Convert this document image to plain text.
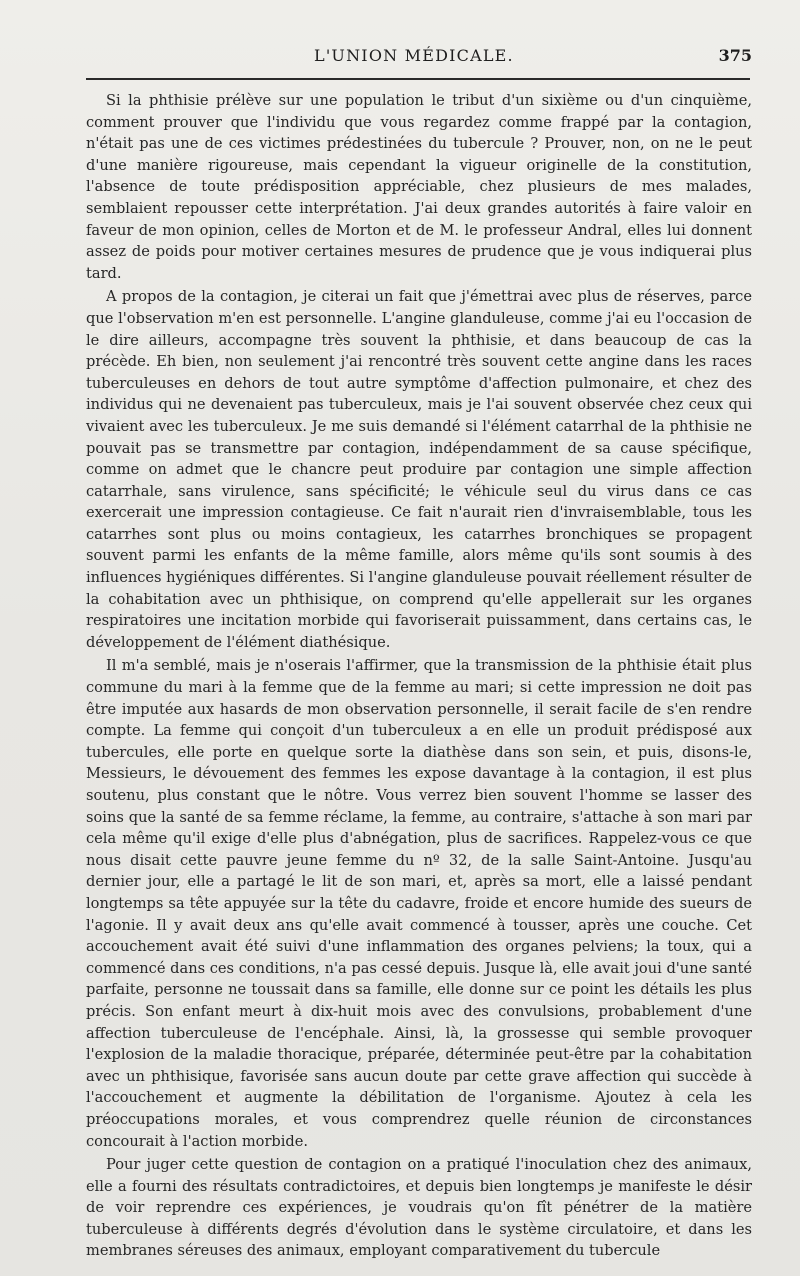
L'UNION MÉDICALE.	375

Si la phthisie prélève sur une population le tribut d'un sixième ou d'un cinquième, comment prouver que l'individu que vous regardez comme frappé par la contagion, n'était pas une de ces victimes prédestinées du tubercule ? Prouver, non, on ne le peut d'une manière rigoureuse, mais cependant la vigueur originelle de la constitution, l'absence de toute prédisposition appréciable, chez plusieurs de mes malades, semblaient repousser cette interprétation. J'ai deux grandes autorités à faire valoir en faveur de mon opinion, celles de Morton et de M. le professeur Andral, elles lui donnent assez de poids pour motiver certaines mesures de prudence que je vous indiquerai plus tard.

A propos de la contagion, je citerai un fait que j'émettrai avec plus de réserves, parce que l'observation m'en est personnelle. L'angine glanduleuse, comme j'ai eu l'occasion de le dire ailleurs, accompagne très souvent la phthisie, et dans beaucoup de cas la précède. Eh bien, non seulement j'ai rencontré très souvent cette angine dans les races tuberculeuses en dehors de tout autre symptôme d'affection pulmonaire, et chez des individus qui ne devenaient pas tuberculeux, mais je l'ai souvent observée chez ceux qui vivaient avec les tuberculeux. Je me suis demandé si l'élément catarrhal de la phthisie ne pouvait pas se transmettre par contagion, indépendamment de sa cause spécifique, comme on admet que le chancre peut produire par contagion une simple affection catarrhale, sans virulence, sans spécificité; le véhicule seul du virus dans ce cas exercerait une impression contagieuse. Ce fait n'aurait rien d'invraisemblable, tous les catarrhes sont plus ou moins contagieux, les catarrhes bronchiques se propagent souvent parmi les enfants de la même famille, alors même qu'ils sont soumis à des influences hygiéniques différentes. Si l'angine glanduleuse pouvait réellement résulter de la cohabitation avec un phthisique, on comprend qu'elle appellerait sur les organes respiratoires une incitation morbide qui favoriserait puissamment, dans certains cas, le développement de l'élément diathésique.

Il m'a semblé, mais je n'oserais l'affirmer, que la transmission de la phthisie était plus commune du mari à la femme que de la femme au mari; si cette impression ne doit pas être imputée aux hasards de mon observation personnelle, il serait facile de s'en rendre compte. La femme qui conçoit d'un tuberculeux a en elle un produit prédisposé aux tubercules, elle porte en quelque sorte la diathèse dans son sein, et puis, disons-le, Messieurs, le dévouement des femmes les expose davantage à la contagion, il est plus soutenu, plus constant que le nôtre. Vous verrez bien souvent l'homme se lasser des soins que la santé de sa femme réclame, la femme, au contraire, s'attache à son mari par cela même qu'il exige d'elle plus d'abnégation, plus de sacrifices. Rappelez-vous ce que nous disait cette pauvre jeune femme du nº 32, de la salle Saint-Antoine. Jusqu'au dernier jour, elle a partagé le lit de son mari, et, après sa mort, elle a laissé pendant longtemps sa tête appuyée sur la tête du cadavre, froide et encore humide des sueurs de l'agonie. Il y avait deux ans qu'elle avait commencé à tousser, après une couche. Cet accouchement avait été suivi d'une inflammation des organes pelviens; la toux, qui a commencé dans ces conditions, n'a pas cessé depuis. Jusque là, elle avait joui d'une santé parfaite, personne ne toussait dans sa famille, elle donne sur ce point les détails les plus précis. Son enfant meurt à dix-huit mois avec des convulsions, probablement d'une affection tuberculeuse de l'encéphale. Ainsi, là, la grossesse qui semble provoquer l'explosion de la maladie thoracique, préparée, déterminée peut-être par la cohabitation avec un phthisique, favorisée sans aucun doute par cette grave affection qui succède à l'accouchement et augmente la débilitation de l'organisme. Ajoutez à cela les préoccupations morales, et vous comprendrez quelle réunion de circonstances concourait à l'action morbide.

Pour juger cette question de contagion on a pratiqué l'inoculation chez des animaux, elle a fourni des résultats contradictoires, et depuis bien longtemps je manifeste le désir de voir reprendre ces expériences, je voudrais qu'on fît pénétrer de la matière tuberculeuse à différents degrés d'évolution dans le système circulatoire, et dans les membranes séreuses des animaux, employant comparativement du tubercule
